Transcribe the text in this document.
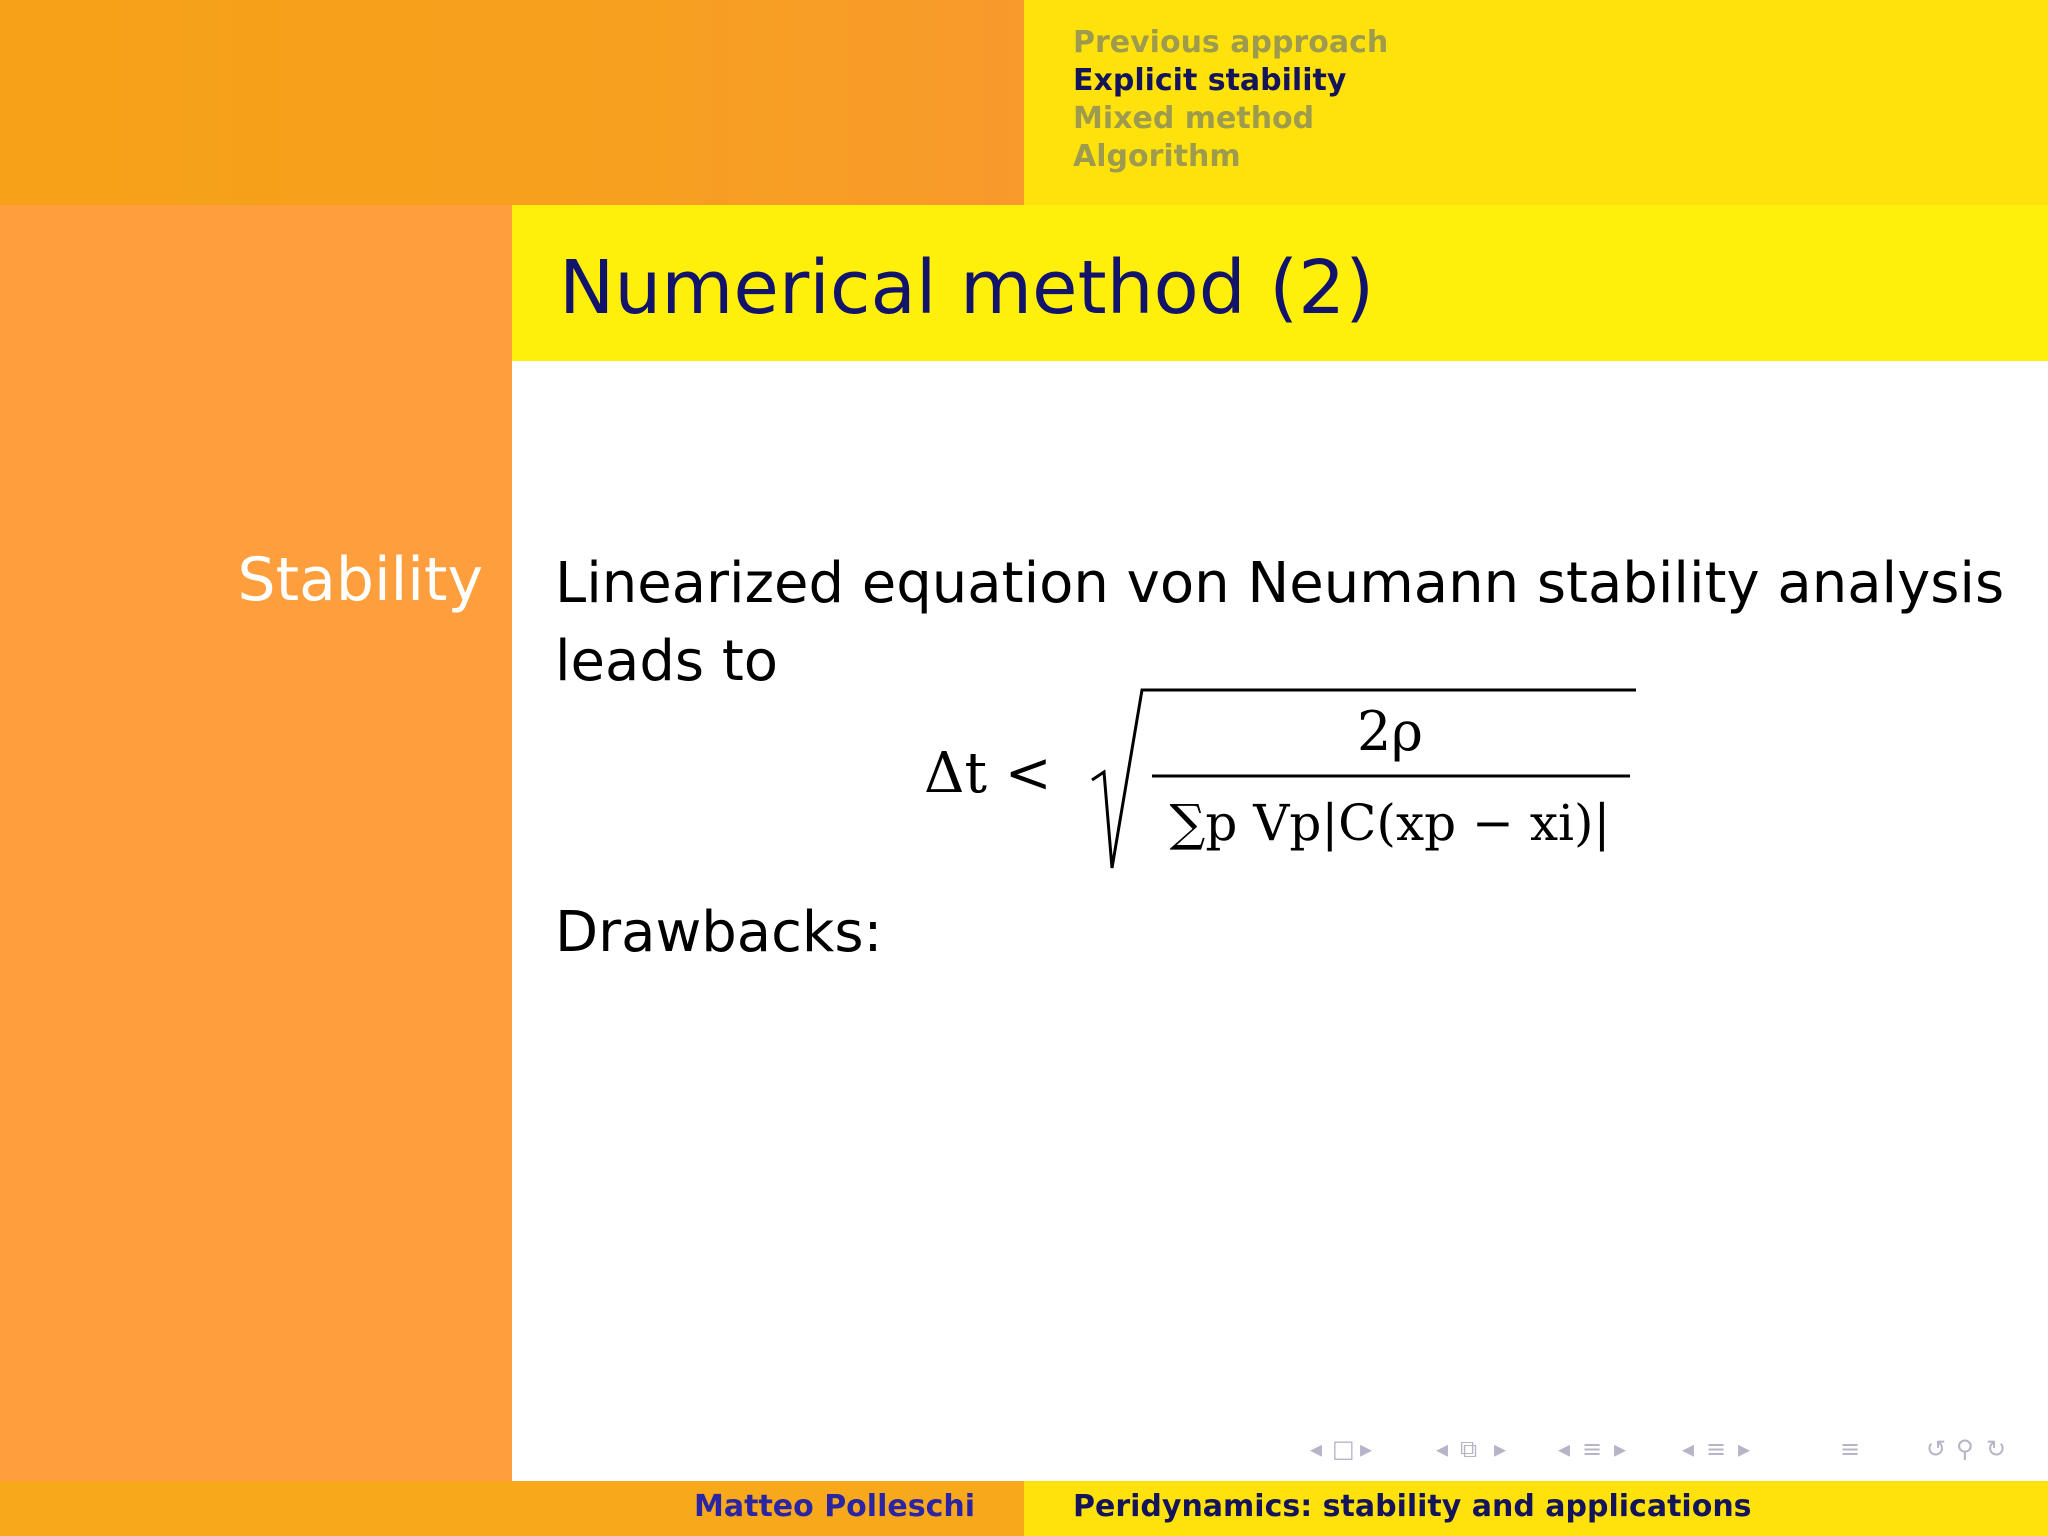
Previous approach
Explicit stability
Mixed method
Algorithm
Stability
Numerical method (2)

Linearized equation von Neumann stability analysis leads to

Δt <
2ρ
∑p Vp|C(xp − xi)|

Drawbacks:

◂ □ ▸	◂ ⧉ ▸ ◂ ≡ ▸ ◂ ≡ ▸	≡	↺ ⚲ ↻
Matteo Polleschi	Peridynamics: stability and applications
